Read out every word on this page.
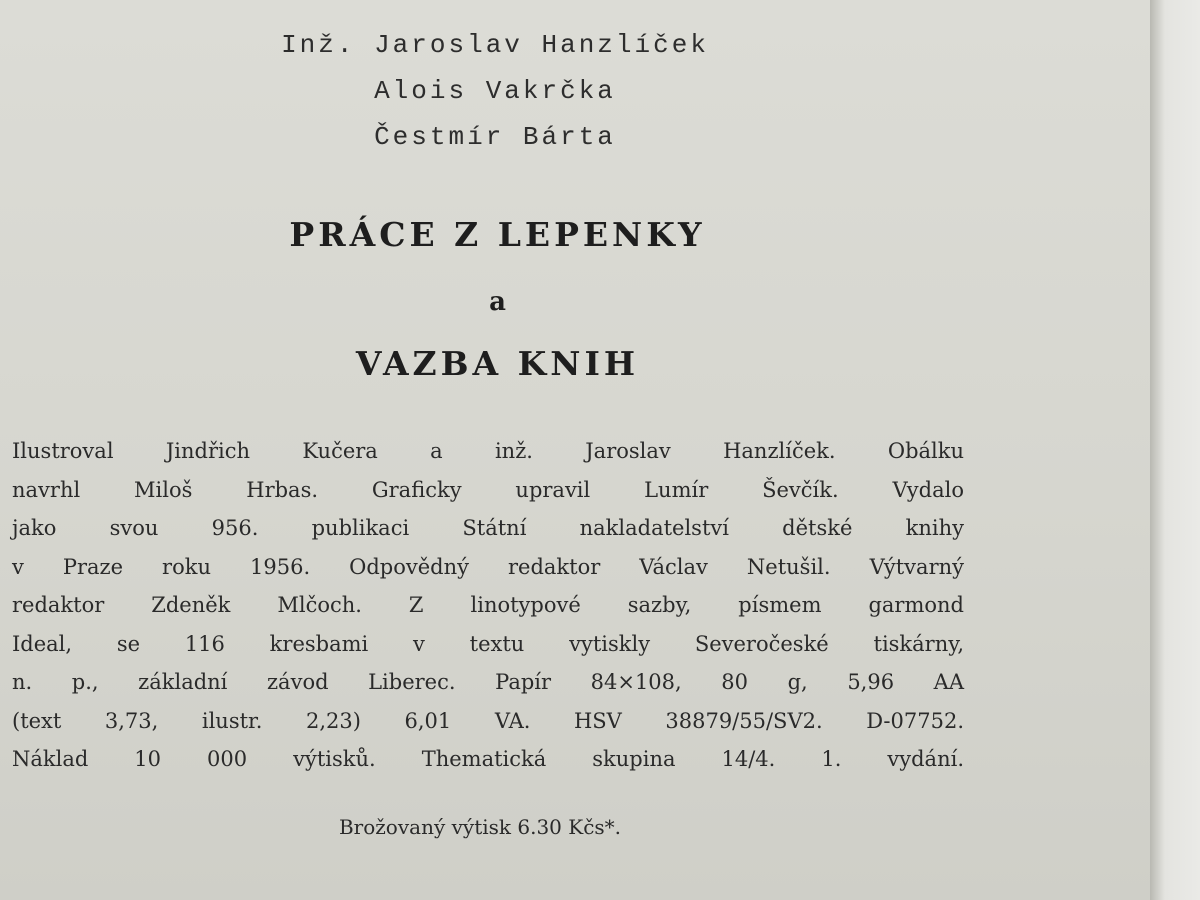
Inž. Jaroslav Hanzlíček
Alois Vakrčka
Čestmír Bárta
PRÁCE Z LEPENKY
a
VAZBA KNIH
Ilustroval Jindřich Kučera a inž. Jaroslav Hanzlíček. Obálku
navrhl Miloš Hrbas. Graficky upravil Lumír Ševčík. Vydalo
jako svou 956. publikaci Státní nakladatelství dětské knihy
v Praze roku 1956. Odpovědný redaktor Václav Netušil. Výtvarný
redaktor Zdeněk Mlčoch. Z linotypové sazby, písmem garmond
Ideal, se 116 kresbami v textu vytiskly Severočeské tiskárny,
n. p., základní závod Liberec. Papír 84×108, 80 g, 5,96 AA
(text 3,73, ilustr. 2,23) 6,01 VA. HSV 38879/55/SV2. D-07752.
Náklad 10 000 výtisků. Thematická skupina 14/4. 1. vydání.
Brožovaný výtisk 6.30 Kčs*.
